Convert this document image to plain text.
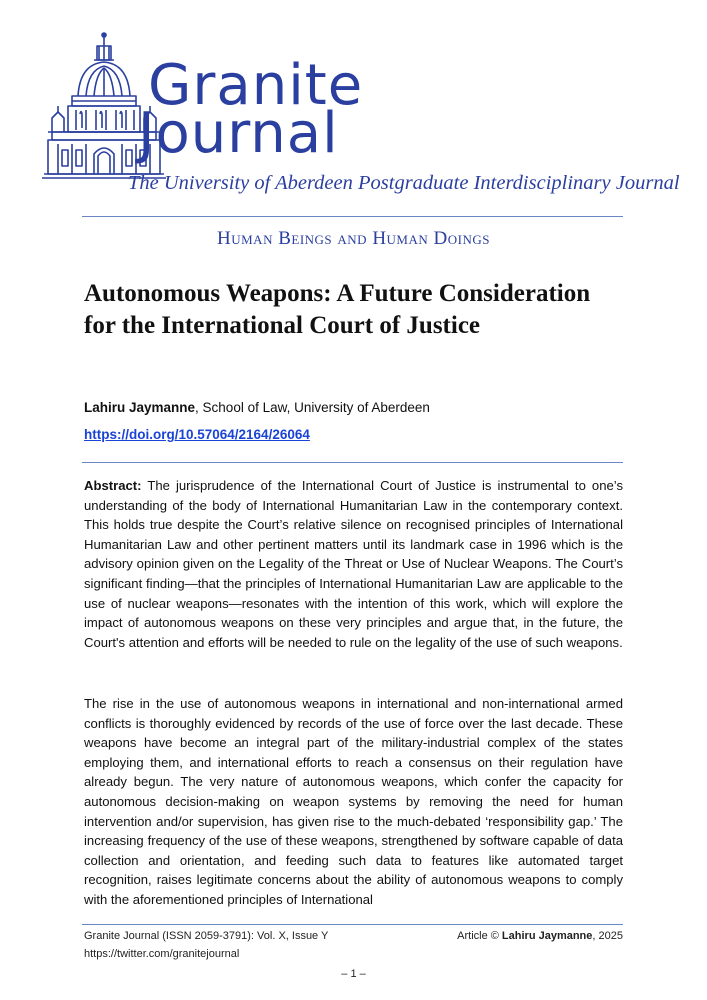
Granite
Journal
The University of Aberdeen Postgraduate Interdisciplinary Journal
Human Beings and Human Doings
Autonomous Weapons: A Future Consideration for the International Court of Justice
Lahiru Jaymanne, School of Law, University of Aberdeen
https://doi.org/10.57064/2164/26064
Abstract: The jurisprudence of the International Court of Justice is instrumental to one’s understanding of the body of International Humanitarian Law in the contemporary context. This holds true despite the Court’s relative silence on recognised principles of International Humanitarian Law and other pertinent matters until its landmark case in 1996 which is the advisory opinion given on the Legality of the Threat or Use of Nuclear Weapons. The Court’s significant finding—that the principles of International Humanitarian Law are applicable to the use of nuclear weapons—resonates with the intention of this work, which will explore the impact of autonomous weapons on these very principles and argue that, in the future, the Court's attention and efforts will be needed to rule on the legality of the use of such weapons.
The rise in the use of autonomous weapons in international and non-international armed conflicts is thoroughly evidenced by records of the use of force over the last decade. These weapons have become an integral part of the military-industrial complex of the states employing them, and international efforts to reach a consensus on their regulation have already begun. The very nature of autonomous weapons, which confer the capacity for autonomous decision-making on weapon systems by removing the need for human intervention and/or supervision, has given rise to the much-debated ‘responsibility gap.’ The increasing frequency of the use of these weapons, strengthened by software capable of data collection and orientation, and feeding such data to features like automated target recognition, raises legitimate concerns about the ability of autonomous weapons to comply with the aforementioned principles of International
Granite Journal (ISSN 2059-3791): Vol. X, Issue Y	Article © Lahiru Jaymanne, 2025
https://twitter.com/granitejournal
– 1 –
